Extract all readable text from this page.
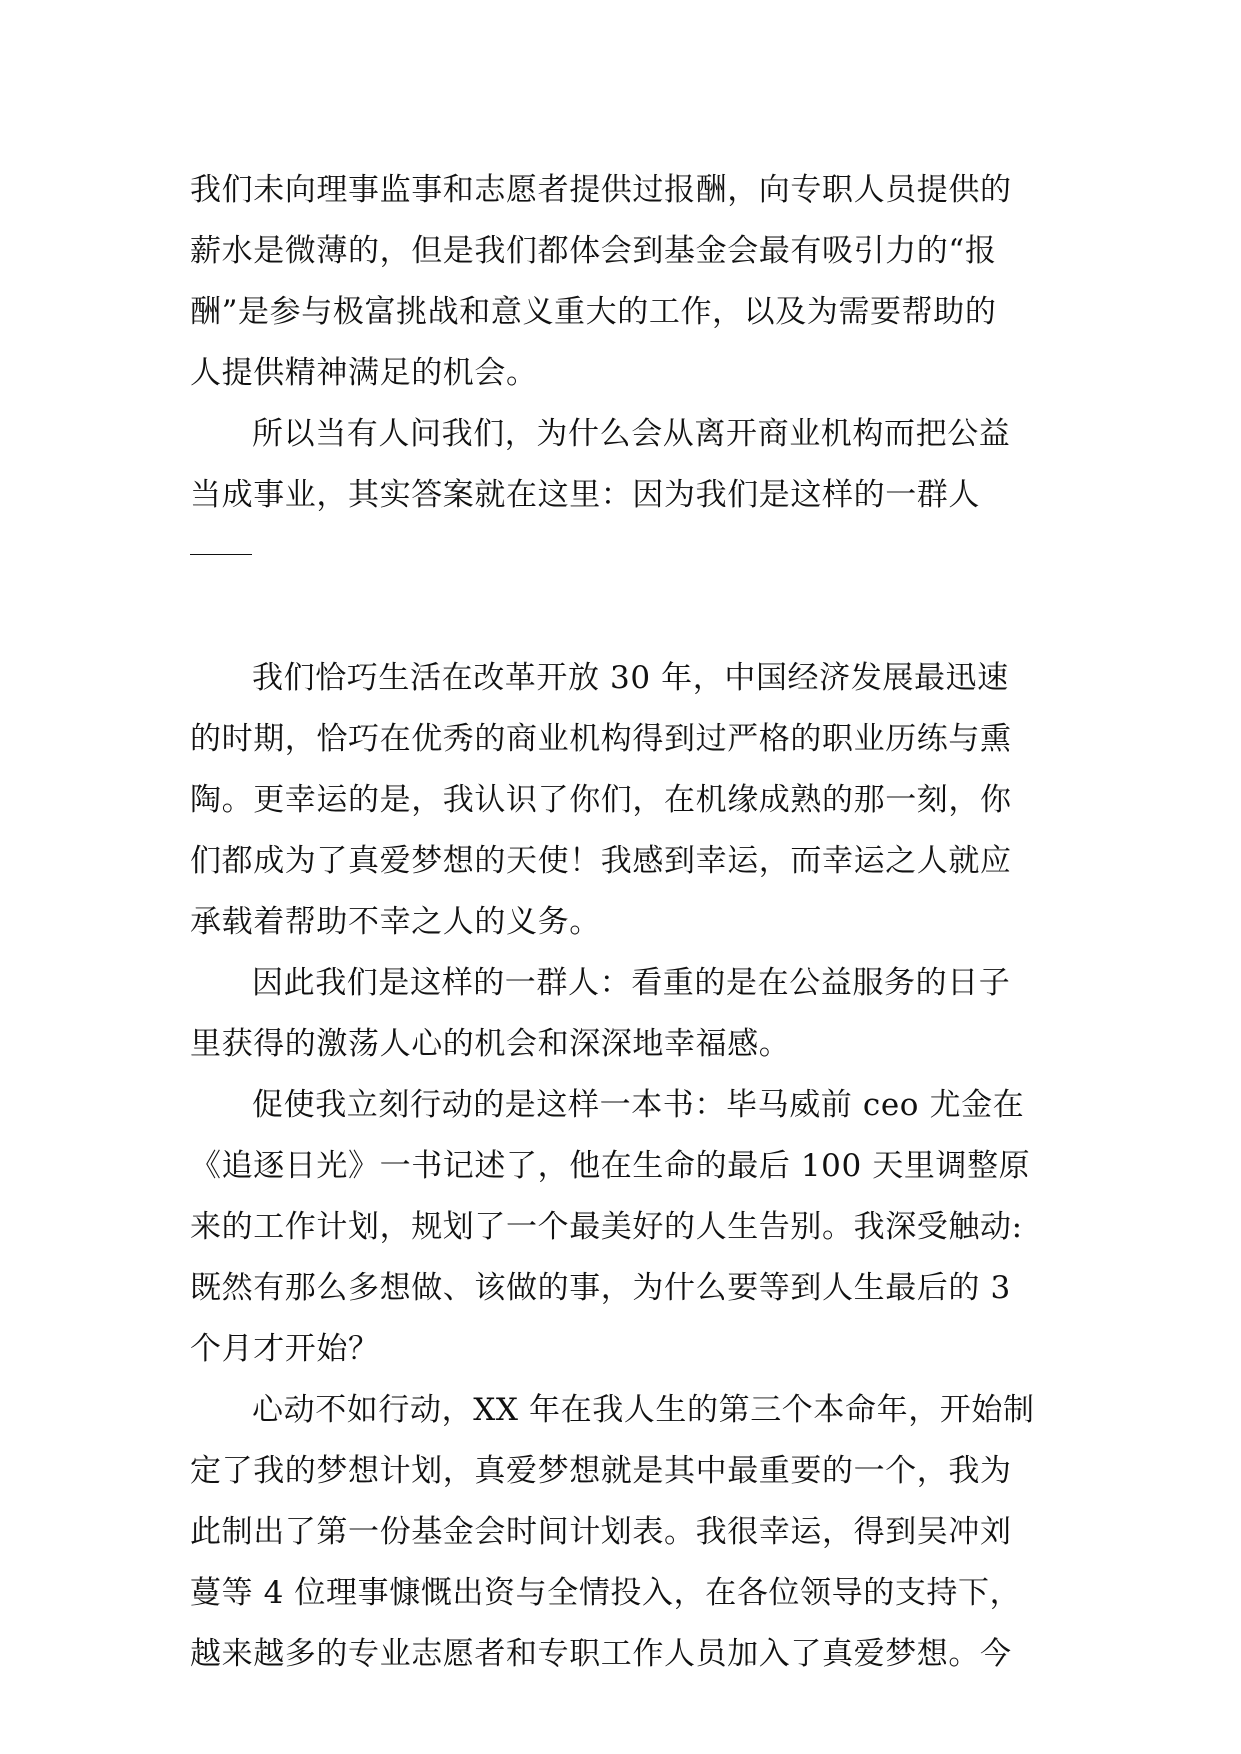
我们未向理事监事和志愿者提供过报酬，向专职人员提供的
薪水是微薄的，但是我们都体会到基金会最有吸引力的“报
酬”是参与极富挑战和意义重大的工作，以及为需要帮助的
人提供精神满足的机会。
所以当有人问我们，为什么会从离开商业机构而把公益
当成事业，其实答案就在这里：因为我们是这样的一群人
我们恰巧生活在改革开放 30 年，中国经济发展最迅速
的时期，恰巧在优秀的商业机构得到过严格的职业历练与熏
陶。更幸运的是，我认识了你们，在机缘成熟的那一刻，你
们都成为了真爱梦想的天使！我感到幸运，而幸运之人就应
承载着帮助不幸之人的义务。
因此我们是这样的一群人：看重的是在公益服务的日子
里获得的激荡人心的机会和深深地幸福感。
促使我立刻行动的是这样一本书：毕马威前 ceo 尤金在
《追逐日光》一书记述了，他在生命的最后 100 天里调整原
来的工作计划，规划了一个最美好的人生告别。我深受触动:
既然有那么多想做、该做的事，为什么要等到人生最后的 3
个月才开始？
心动不如行动，XX 年在我人生的第三个本命年，开始制
定了我的梦想计划，真爱梦想就是其中最重要的一个，我为
此制出了第一份基金会时间计划表。我很幸运，得到吴冲刘
蔓等 4 位理事慷慨出资与全情投入，在各位领导的支持下，
越来越多的专业志愿者和专职工作人员加入了真爱梦想。今
